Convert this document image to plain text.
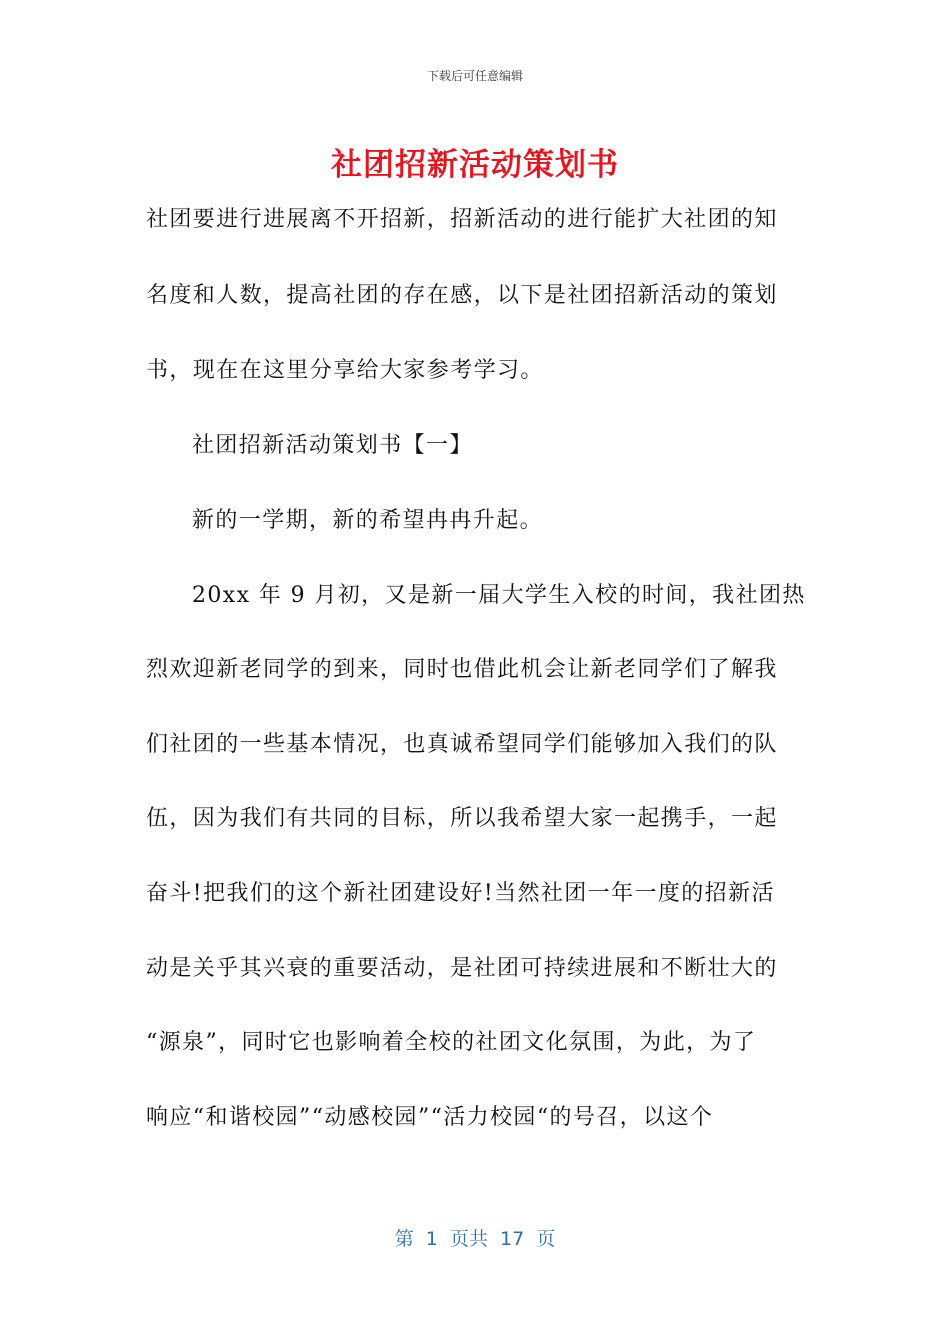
下载后可任意编辑
社团招新活动策划书
社团要进行进展离不开招新，招新活动的进行能扩大社团的知
名度和人数，提高社团的存在感，以下是社团招新活动的策划
书，现在在这里分享给大家参考学习。
社团招新活动策划书【一】
新的一学期，新的希望冉冉升起。
20xx 年 9 月初，又是新一届大学生入校的时间，我社团热
烈欢迎新老同学的到来，同时也借此机会让新老同学们了解我
们社团的一些基本情况，也真诚希望同学们能够加入我们的队
伍，因为我们有共同的目标，所以我希望大家一起携手，一起
奋斗!把我们的这个新社团建设好!当然社团一年一度的招新活
动是关乎其兴衰的重要活动，是社团可持续进展和不断壮大的
“源泉”，同时它也影响着全校的社团文化氛围，为此，为了
响应“和谐校园”“动感校园”“活力校园“的号召，以这个
第  1  页共  17  页
